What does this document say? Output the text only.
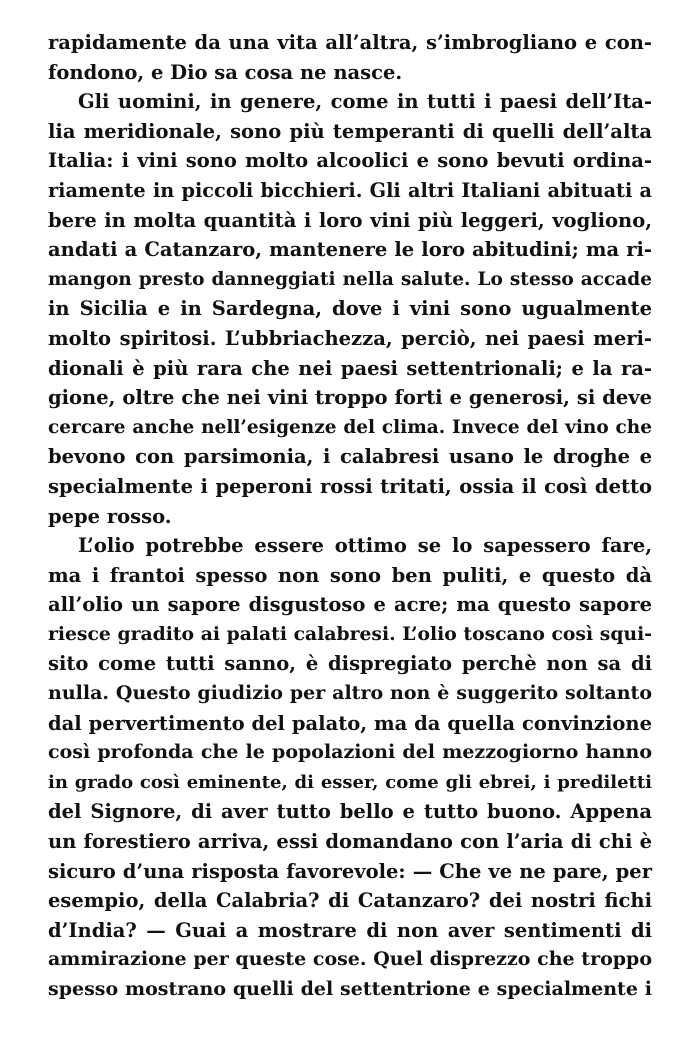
rapidamente da una vita all’altra, s’imbrogliano e con-
fondono, e Dio sa cosa ne nasce.
Gli uomini, in genere, come in tutti i paesi dell’Ita-
lia meridionale, sono più temperanti di quelli dell’alta
Italia: i vini sono molto alcoolici e sono bevuti ordina-
riamente in piccoli bicchieri. Gli altri Italiani abituati a
bere in molta quantità i loro vini più leggeri, vogliono,
andati a Catanzaro, mantenere le loro abitudini; ma ri-
mangon presto danneggiati nella salute. Lo stesso accade
in Sicilia e in Sardegna, dove i vini sono ugualmente
molto spiritosi. L’ubbriachezza, perciò, nei paesi meri-
dionali è più rara che nei paesi settentrionali; e la ra-
gione, oltre che nei vini troppo forti e generosi, si deve
cercare anche nell’esigenze del clima. Invece del vino che
bevono con parsimonia, i calabresi usano le droghe e
specialmente i peperoni rossi tritati, ossia il così detto
pepe rosso.
L’olio potrebbe essere ottimo se lo sapessero fare,
ma i frantoi spesso non sono ben puliti, e questo dà
all’olio un sapore disgustoso e acre; ma questo sapore
riesce gradito ai palati calabresi. L’olio toscano così squi-
sito come tutti sanno, è dispregiato perchè non sa di
nulla. Questo giudizio per altro non è suggerito soltanto
dal pervertimento del palato, ma da quella convinzione
così profonda che le popolazioni del mezzogiorno hanno
in grado così eminente, di esser, come gli ebrei, i prediletti
del Signore, di aver tutto bello e tutto buono. Appena
un forestiero arriva, essi domandano con l’aria di chi è
sicuro d’una risposta favorevole: — Che ve ne pare, per
esempio, della Calabria? di Catanzaro? dei nostri fichi
d’India? — Guai a mostrare di non aver sentimenti di
ammirazione per queste cose. Quel disprezzo che troppo
spesso mostrano quelli del settentrione e specialmente i
